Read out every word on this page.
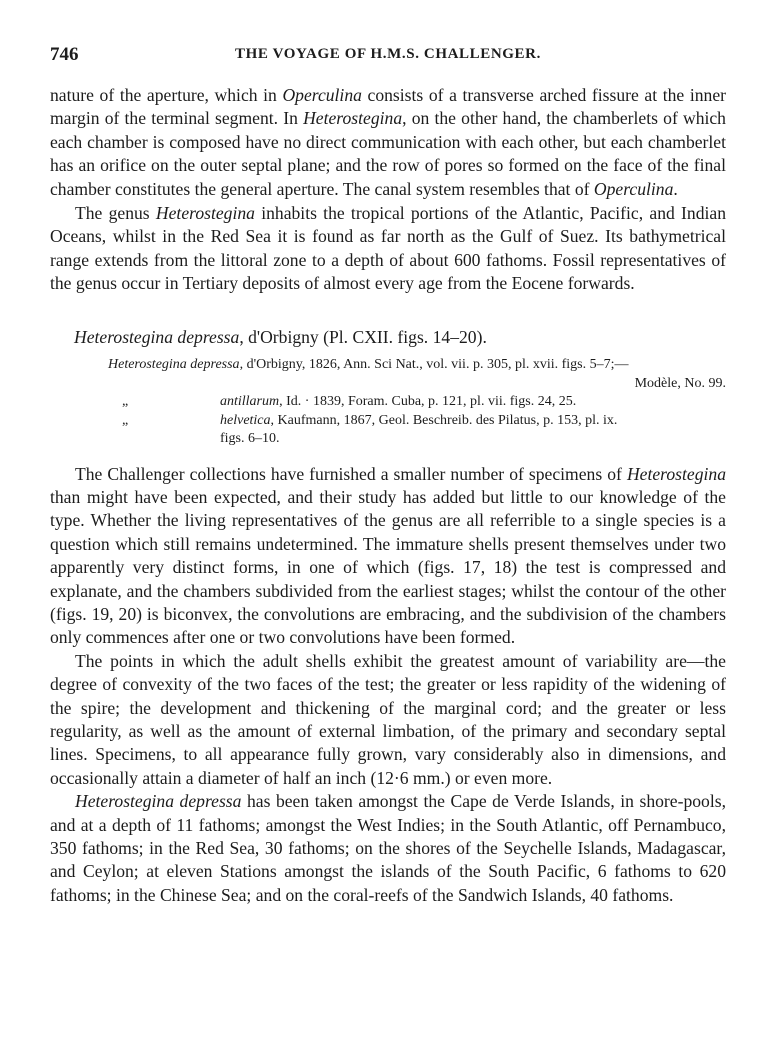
746	THE VOYAGE OF H.M.S. CHALLENGER.

nature of the aperture, which in Operculina consists of a transverse arched fissure at the inner margin of the terminal segment. In Heterostegina, on the other hand, the chamberlets of which each chamber is composed have no direct communication with each other, but each chamberlet has an orifice on the outer septal plane; and the row of pores so formed on the face of the final chamber constitutes the general aperture. The canal system resembles that of Operculina.

The genus Heterostegina inhabits the tropical portions of the Atlantic, Pacific, and Indian Oceans, whilst in the Red Sea it is found as far north as the Gulf of Suez. Its bathymetrical range extends from the littoral zone to a depth of about 600 fathoms. Fossil representatives of the genus occur in Tertiary deposits of almost every age from the Eocene forwards.

Heterostegina depressa, d'Orbigny (Pl. CXII. figs. 14–20).

Heterostegina depressa, d'Orbigny, 1826, Ann. Sci Nat., vol. vii. p. 305, pl. xvii. figs. 5–7;—
Modèle, No. 99.
„	antillarum, Id. · 1839, Foram. Cuba, p. 121, pl. vii. figs. 24, 25.
„	helvetica, Kaufmann, 1867, Geol. Beschreib. des Pilatus, p. 153, pl. ix.
figs. 6–10.

The Challenger collections have furnished a smaller number of specimens of Heterostegina than might have been expected, and their study has added but little to our knowledge of the type. Whether the living representatives of the genus are all referrible to a single species is a question which still remains undetermined. The immature shells present themselves under two apparently very distinct forms, in one of which (figs. 17, 18) the test is compressed and explanate, and the chambers subdivided from the earliest stages; whilst the contour of the other (figs. 19, 20) is biconvex, the convolutions are embracing, and the subdivision of the chambers only commences after one or two convolutions have been formed.

The points in which the adult shells exhibit the greatest amount of variability are—the degree of convexity of the two faces of the test; the greater or less rapidity of the widening of the spire; the development and thickening of the marginal cord; and the greater or less regularity, as well as the amount of external limbation, of the primary and secondary septal lines. Specimens, to all appearance fully grown, vary considerably also in dimensions, and occasionally attain a diameter of half an inch (12·6 mm.) or even more.

Heterostegina depressa has been taken amongst the Cape de Verde Islands, in shore-pools, and at a depth of 11 fathoms; amongst the West Indies; in the South Atlantic, off Pernambuco, 350 fathoms; in the Red Sea, 30 fathoms; on the shores of the Seychelle Islands, Madagascar, and Ceylon; at eleven Stations amongst the islands of the South Pacific, 6 fathoms to 620 fathoms; in the Chinese Sea; and on the coral-reefs of the Sandwich Islands, 40 fathoms.
